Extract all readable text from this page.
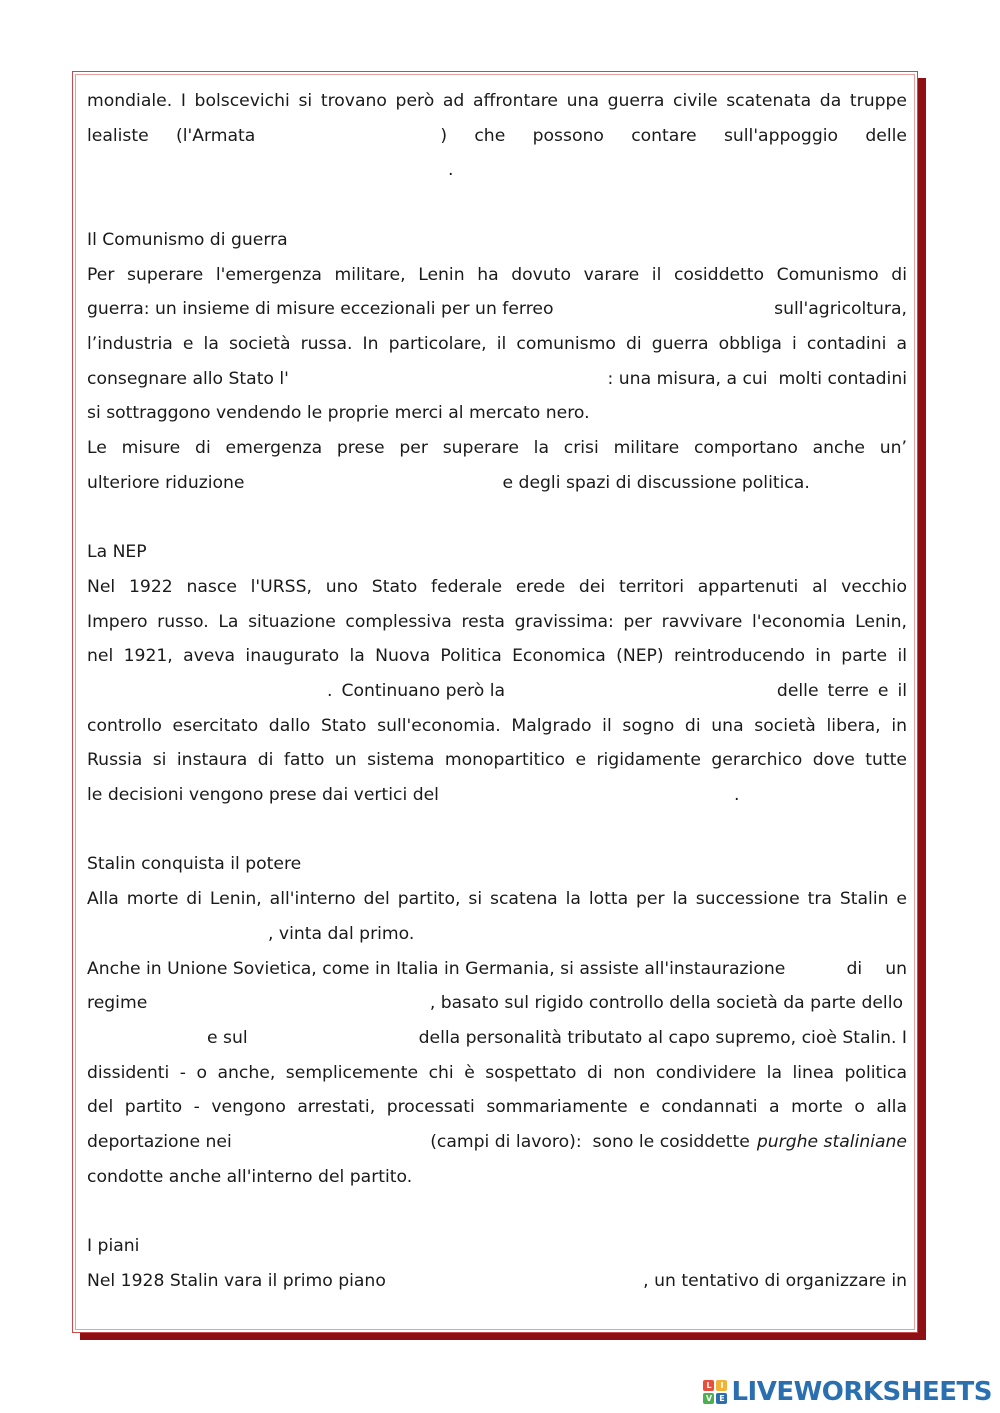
mondiale. I bolscevichi si trovano però ad affrontare una guerra civile scatenata da truppe

lealiste (l'Armata	) che possono contare sull'appoggio delle

.

Il Comunismo di guerra

Per superare l'emergenza militare, Lenin ha dovuto varare il cosiddetto Comunismo di

guerra: un insieme di misure eccezionali per un ferreo	sull'agricoltura,

l’industria e la società russa. In particolare, il comunismo di guerra obbliga i contadini a

consegnare allo Stato l'	: una misura, a cui  molti contadini

si sottraggono vendendo le proprie merci al mercato nero.

Le misure di emergenza prese per superare la crisi militare comportano anche un’

ulteriore riduzione	e degli spazi di discussione politica.

La NEP

Nel 1922 nasce l'URSS, uno Stato federale erede dei territori appartenuti al vecchio

Impero russo. La situazione complessiva resta gravissima: per ravvivare l'economia Lenin,

nel 1921, aveva inaugurato la Nuova Politica Economica (NEP) reintroducendo in parte il

. Continuano però la	delle terre e il

controllo esercitato dallo Stato sull'economia. Malgrado il sogno di una società libera, in

Russia si instaura di fatto un sistema monopartitico e rigidamente gerarchico dove tutte

le decisioni vengono prese dai vertici del	.

Stalin conquista il potere

Alla morte di Lenin, all'interno del partito, si scatena la lotta per la successione tra Stalin e

, vinta dal primo.

Anche in Unione Sovietica, come in Italia in Germania, si assiste all'instaurazione	di un

regime	, basato sul rigido controllo della società da parte dello

e sul	della personalità tributato al capo supremo, cioè Stalin. I

dissidenti - o anche, semplicemente chi è sospettato di non condividere la linea politica

del partito - vengono arrestati, processati sommariamente e condannati a morte o alla

deportazione nei	(campi di lavoro):  sono le cosiddette purghe staliniane

condotte anche all'interno del partito.

I piani

Nel 1928 Stalin vara il primo piano	, un tentativo di organizzare in

L	I
V E LIVEWORKSHEETS
